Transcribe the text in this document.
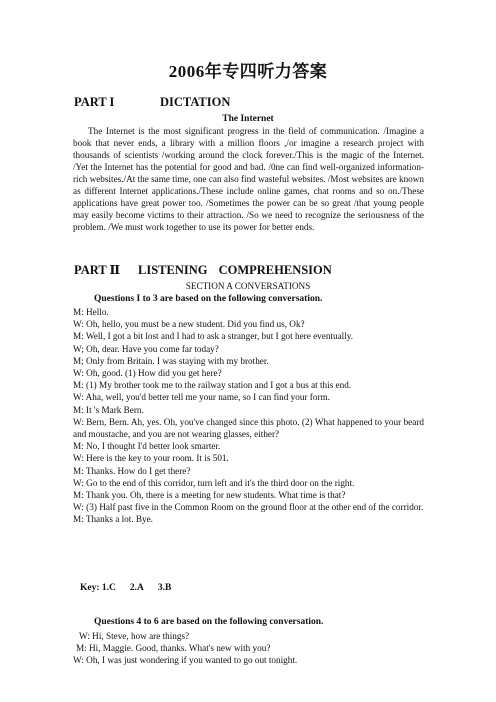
2006年专四听力答案
PART I	DICTATION
The Internet
The Internet is the most significant progress in the field of communication. /Imagine a book that never ends, a library with a million floors ,/or imagine a research project with thousands of scientists /working around the clock forever./This is the magic of the Internet. /Yet the Internet has the potential for good and bad. /0ne can find well-organized information-rich websites./At the same time, one can also find wasteful websites. /Most websites are known as different Internet applications./These include online games, chat rooms and so on./These applications have great power too. /Sometimes the power can be so great /that young people may easily become victims to their attraction. /So we need to recognize the seriousness of the problem. /We must work together to use its power for better ends.
PART Ⅱ LISTENING COMPREHENSION
SECTION A CONVERSATIONS
Questions I to 3 are based on the following conversation.
M: Hello.
W: Oh, hello, you must be a new student. Did you find us, Ok?
M: Well, I got a bit lost and I had to ask a stranger, but I got here eventually.
W; Oh, dear. Have you come far today?
M; Only from Britain. I was staying with my brother.
W: Oh, good. (1) How did you get here?
M: (1) My brother took me to the railway station and I got a bus at this end.
W: Aha, well, you'd better tell me your name, so I can find your form.
M: It 's Mark Bern.
W: Bern, Bern. Ah, yes. Oh, you've changed since this photo. (2) What happened to your beard and moustache, and you are not wearing glasses, either?
M: No, I thought I'd better look smarter.
W: Here is the key to your room. It is 501.
M: Thanks. How do I get there?
W: Go to the end of this corridor, turn left and it's the third door on the right.
M: Thank you. Oh, there is a meeting for new students. What time is that?
W: (3) Half past five in the Common Room on the ground floor at the other end of the corridor.
M: Thanks a lot. Bye.
Key: 1.C 2.A 3.B
Questions 4 to 6 are based on the following conversation.
W: Hi, Steve, how are things?
M: Hi, Maggie. Good, thanks. What's new with you?
W: Oh, I was just wondering if you wanted to go out tonight.
